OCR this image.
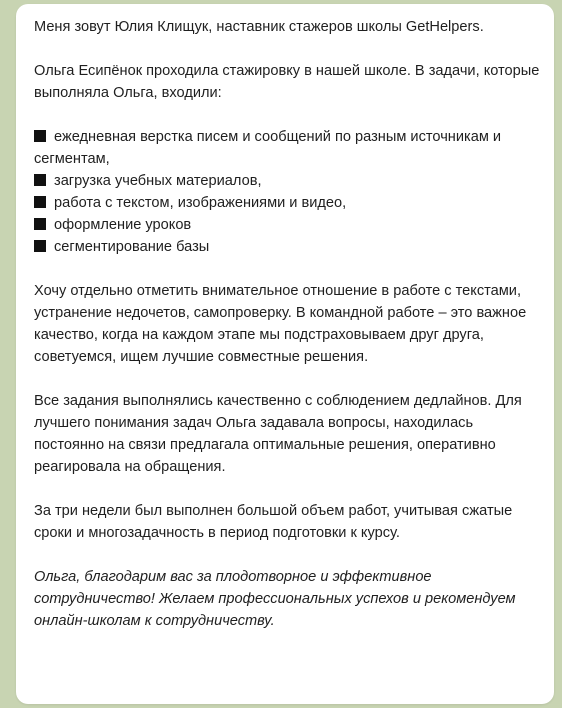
Меня зовут Юлия Клищук, наставник стажеров школы GetHelpers.

Ольга Есипёнок проходила стажировку в нашей школе. В задачи, которые выполняла Ольга, входили:

ежедневная верстка писем и сообщений по разным источникам и сегментам,
загрузка учебных материалов,
работа с текстом, изображениями и видео,
оформление уроков
сегментирование базы

Хочу отдельно отметить внимательное отношение в работе с текстами, устранение недочетов, самопроверку. В командной работе – это важное качество, когда на каждом этапе мы подстраховываем друг друга, советуемся, ищем лучшие совместные решения.

Все задания выполнялись качественно с соблюдением дедлайнов. Для лучшего понимания задач Ольга задавала вопросы, находилась постоянно на связи предлагала оптимальные решения, оперативно реагировала на обращения.

За три недели был выполнен большой объем работ, учитывая сжатые сроки и многозадачность в период подготовки к курсу.

Ольга, благодарим вас за плодотворное и эффективное сотрудничество! Желаем профессиональных успехов и рекомендуем онлайн-школам к сотрудничеству.
